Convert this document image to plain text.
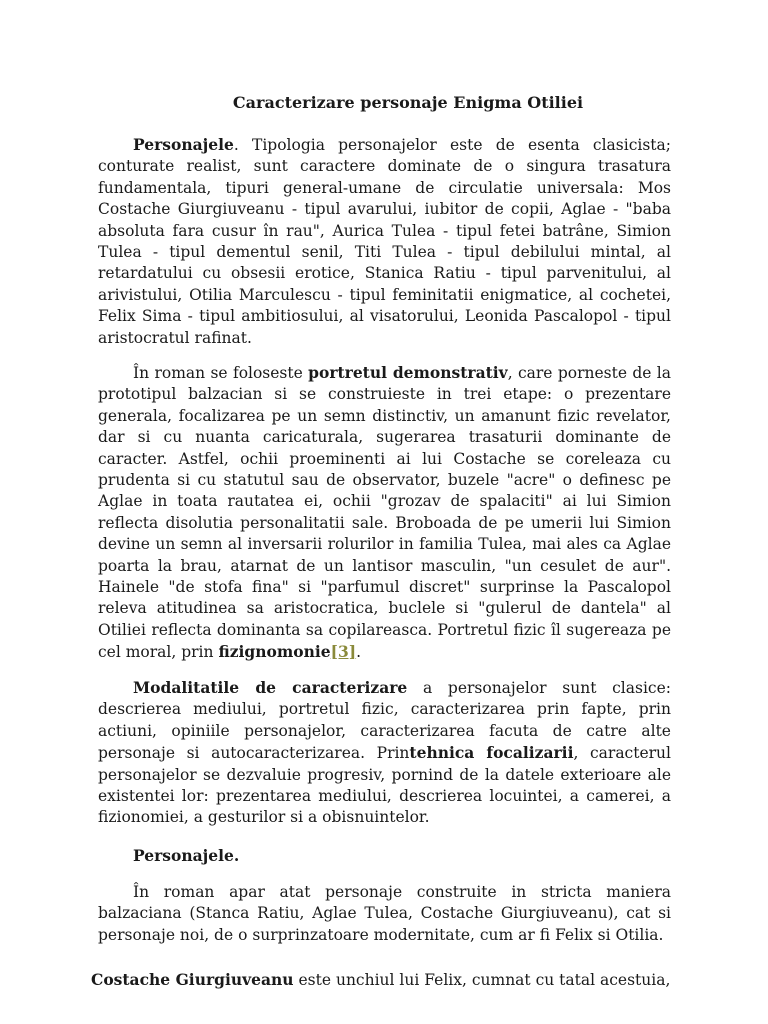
Caracterizare personaje Enigma Otiliei
Personajele. Tipologia personajelor este de esenta clasicista; conturate realist, sunt caractere dominate de o singura trasatura fundamentala, tipuri general-umane de circulatie universala: Mos Costache Giurgiuveanu - tipul avarului, iubitor de copii, Aglae - "baba absoluta fara cusur în rau", Aurica Tulea - tipul fetei batrâne, Simion Tulea - tipul dementul senil, Titi Tulea - tipul debilului mintal, al retardatului cu obsesii erotice, Stanica Ratiu - tipul parvenitului, al arivistului, Otilia Marculescu - tipul feminitatii enigmatice, al cochetei, Felix Sima - tipul ambitiosului, al visatorului, Leonida Pascalopol - tipul aristocratul rafinat.
În roman se foloseste portretul demonstrativ, care porneste de la prototipul balzacian si se construieste in trei etape: o prezentare generala, focalizarea pe un semn distinctiv, un amanunt fizic revelator, dar si cu nuanta caricaturala, sugerarea trasaturii dominante de caracter. Astfel, ochii proeminenti ai lui Costache se coreleaza cu prudenta si cu statutul sau de observator, buzele "acre" o definesc pe Aglae in toata rautatea ei, ochii "grozav de spalaciti" ai lui Simion reflecta disolutia personalitatii sale. Broboada de pe umerii lui Simion devine un semn al inversarii rolurilor in familia Tulea, mai ales ca Aglae poarta la brau, atarnat de un lantisor masculin, "un cesulet de aur". Hainele "de stofa fina" si "parfumul discret" surprinse la Pascalopol releva atitudinea sa aristocratica, buclele si "gulerul de dantela" al Otiliei reflecta dominanta sa copilareasca. Portretul fizic îl sugereaza pe cel moral, prin fizignomonie[3].
Modalitatile de caracterizare a personajelor sunt clasice: descrierea mediului, portretul fizic, caracterizarea prin fapte, prin actiuni, opiniile personajelor, caracterizarea facuta de catre alte personaje si autocaracterizarea. Printehnica focalizarii, caracterul personajelor se dezvaluie progresiv, pornind de la datele exterioare ale existentei lor: prezentarea mediului, descrierea locuintei, a camerei, a fizionomiei, a gesturilor si a obisnuintelor.
Personajele.
În roman apar atat personaje construite in stricta maniera balzaciana (Stanca Ratiu, Aglae Tulea, Costache Giurgiuveanu), cat si personaje noi, de o surprinzatoare modernitate, cum ar fi Felix si Otilia.
Costache Giurgiuveanu este unchiul lui Felix, cumnat cu tatal acestuia,
